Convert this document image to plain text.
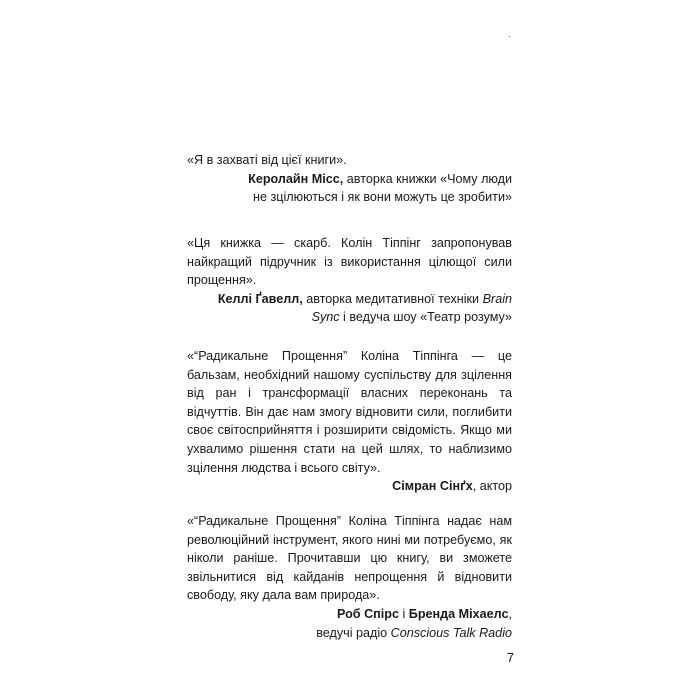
.
«Я в захваті від цієї книги».
Керолайн Місс, авторка книжки «Чому люди не зцілюються і як вони можуть це зробити»
«Ця книжка — скарб. Колін Тіппінг запропонував найкращий підручник із використання цілющої сили прощення».
Келлі Ґавелл, авторка медитативної техніки Brain Sync і ведуча шоу «Театр розуму»
«“Радикальне Прощення” Коліна Тіппінга — це бальзам, необхідний нашому суспільству для зцілення від ран і трансформації власних переконань та відчуттів. Він дає нам змогу відновити сили, поглибити своє світосприйняття і розширити свідомість. Якщо ми ухвалимо рішення стати на цей шлях, то наблизимо зцілення людства і всього світу».
Сімран Сінґх, актор
«“Радикальне Прощення” Коліна Тіппінга надає нам революційний інструмент, якого нині ми потребуємо, як ніколи раніше. Прочитавши цю книгу, ви зможете звільнитися від кайданів непрощення й відновити свободу, яку дала вам природа».
Роб Спірс і Бренда Міхаелс,
ведучі радіо Conscious Talk Radio
7
